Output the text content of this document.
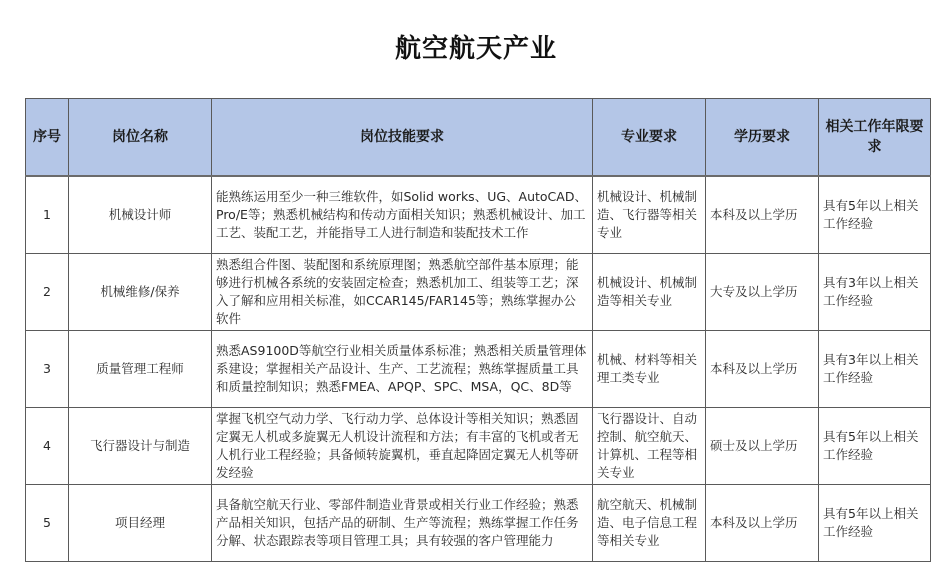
航空航天产业
序号	岗位名称	岗位技能要求	专业要求	学历要求	相关工作年限要求
1	机械设计师	能熟练运用至少一种三维软件，如Solid works、UG、AutoCAD、Pro/E等；熟悉机械结构和传动方面相关知识；熟悉机械设计、加工工艺、装配工艺，并能指导工人进行制造和装配技术工作	机械设计、机械制造、飞行器等相关专业	本科及以上学历	具有5年以上相关工作经验
2	机械维修/保养	熟悉组合件图、装配图和系统原理图；熟悉航空部件基本原理；能够进行机械各系统的安装固定检查；熟悉机加工、组装等工艺；深入了解和应用相关标准，如CCAR145/FAR145等；熟练掌握办公软件	机械设计、机械制造等相关专业	大专及以上学历	具有3年以上相关工作经验
3	质量管理工程师	熟悉AS9100D等航空行业相关质量体系标准；熟悉相关质量管理体系建设；掌握相关产品设计、生产、工艺流程；熟练掌握质量工具和质量控制知识；熟悉FMEA、APQP、SPC、MSA，QC、8D等	机械、材料等相关理工类专业	本科及以上学历	具有3年以上相关工作经验
4	飞行器设计与制造	掌握飞机空气动力学、飞行动力学、总体设计等相关知识；熟悉固定翼无人机或多旋翼无人机设计流程和方法；有丰富的飞机或者无人机行业工程经验；具备倾转旋翼机，垂直起降固定翼无人机等研发经验	飞行器设计、自动控制、航空航天、计算机、工程等相关专业	硕士及以上学历	具有5年以上相关工作经验
5	项目经理	具备航空航天行业、零部件制造业背景或相关行业工作经验；熟悉产品相关知识，包括产品的研制、生产等流程；熟练掌握工作任务分解、状态跟踪表等项目管理工具；具有较强的客户管理能力	航空航天、机械制造、电子信息工程等相关专业	本科及以上学历	具有5年以上相关工作经验
